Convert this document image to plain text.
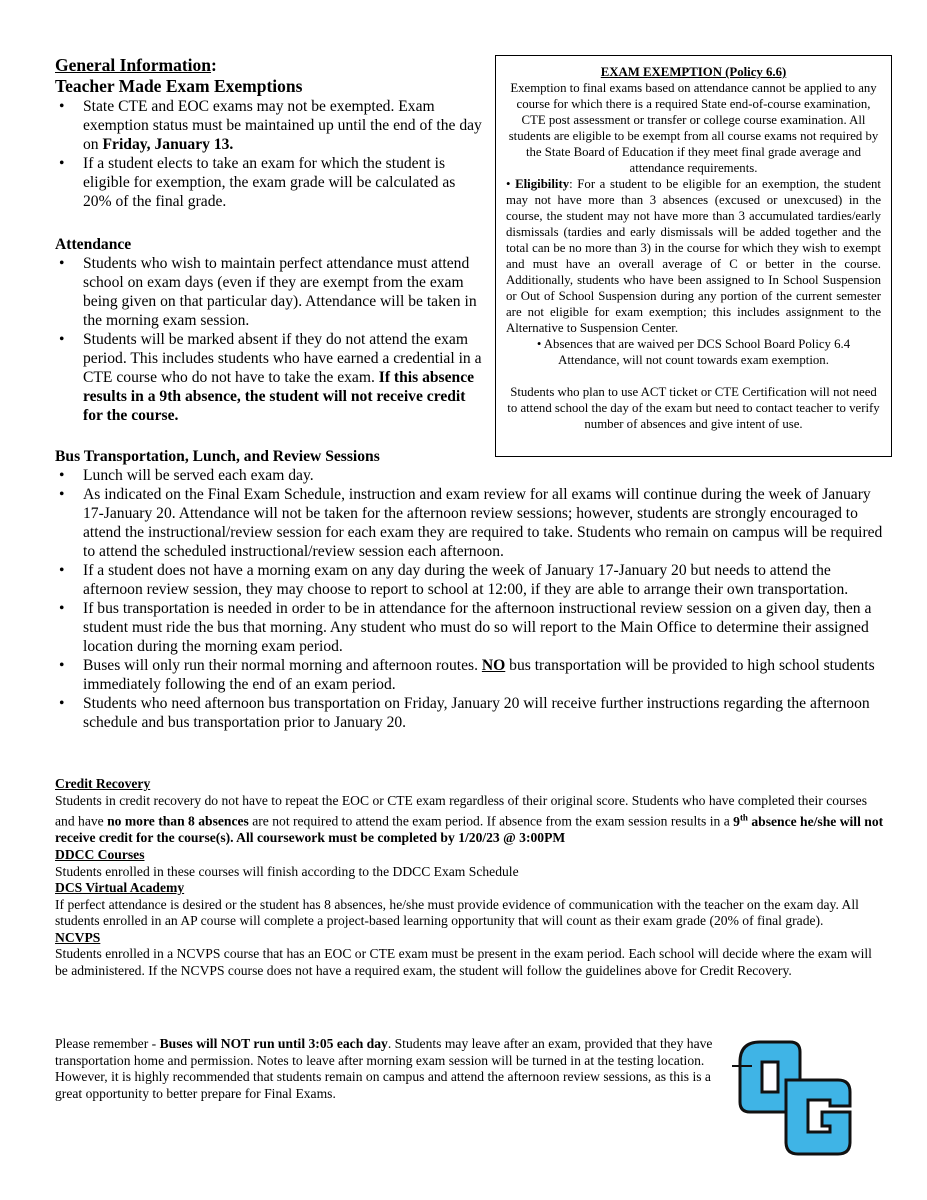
General Information:
Teacher Made Exam Exemptions
• State CTE and EOC exams may not be exempted. Exam exemption status must be maintained up until the end of the day on Friday, January 13.
• If a student elects to take an exam for which the student is eligible for exemption, the exam grade will be calculated as 20% of the final grade.
Attendance
• Students who wish to maintain perfect attendance must attend school on exam days (even if they are exempt from the exam being given on that particular day). Attendance will be taken in the morning exam session.
• Students will be marked absent if they do not attend the exam period. This includes students who have earned a credential in a CTE course who do not have to take the exam. If this absence results in a 9th absence, the student will not receive credit for the course.

EXAM EXEMPTION (Policy 6.6)

Exemption to final exams based on attendance cannot be applied to any course for which there is a required State end-of-course examination, CTE post assessment or transfer or college course examination. All students are eligible to be exempt from all course exams not required by the State Board of Education if they meet final grade average and attendance requirements.

• Eligibility: For a student to be eligible for an exemption, the student may not have more than 3 absences (excused or unexcused) in the course, the student may not have more than 3 accumulated tardies/early dismissals (tardies and early dismissals will be added together and the total can be no more than 3) in the course for which they wish to exempt and must have an overall average of C or better in the course. Additionally, students who have been assigned to In School Suspension or Out of School Suspension during any portion of the current semester are not eligible for exam exemption; this includes assignment to the Alternative to Suspension Center.

• Absences that are waived per DCS School Board Policy 6.4 Attendance, will not count towards exam exemption.

Students who plan to use ACT ticket or CTE Certification will not need to attend school the day of the exam but need to contact teacher to verify number of absences and give intent of use.

Bus Transportation, Lunch, and Review Sessions
• Lunch will be served each exam day.
• As indicated on the Final Exam Schedule, instruction and exam review for all exams will continue during the week of January 17-January 20. Attendance will not be taken for the afternoon review sessions; however, students are strongly encouraged to attend the instructional/review session for each exam they are required to take. Students who remain on campus will be required to attend the scheduled instructional/review session each afternoon.
• If a student does not have a morning exam on any day during the week of January 17-January 20 but needs to attend the afternoon review session, they may choose to report to school at 12:00, if they are able to arrange their own transportation.
• If bus transportation is needed in order to be in attendance for the afternoon instructional review session on a given day, then a student must ride the bus that morning. Any student who must do so will report to the Main Office to determine their assigned location during the morning exam period.
• Buses will only run their normal morning and afternoon routes. NO bus transportation will be provided to high school students immediately following the end of an exam period.
• Students who need afternoon bus transportation on Friday, January 20 will receive further instructions regarding the afternoon schedule and bus transportation prior to January 20.
Credit Recovery
Students in credit recovery do not have to repeat the EOC or CTE exam regardless of their original score. Students who have completed their courses and have no more than 8 absences are not required to attend the exam period. If absence from the exam session results in a 9th absence he/she will not receive credit for the course(s). All coursework must be completed by 1/20/23 @ 3:00PM
DDCC Courses
Students enrolled in these courses will finish according to the DDCC Exam Schedule
DCS Virtual Academy
If perfect attendance is desired or the student has 8 absences, he/she must provide evidence of communication with the teacher on the exam day. All students enrolled in an AP course will complete a project-based learning opportunity that will count as their exam grade (20% of final grade).
NCVPS
Students enrolled in a NCVPS course that has an EOC or CTE exam must be present in the exam period. Each school will decide where the exam will be administered. If the NCVPS course does not have a required exam, the student will follow the guidelines above for Credit Recovery.
Please remember - Buses will NOT run until 3:05 each day. Students may leave after an exam, provided that they have transportation home and permission. Notes to leave after morning exam session will be turned in at the testing location. However, it is highly recommended that students remain on campus and attend the afternoon review sessions, as this is a great opportunity to better prepare for Final Exams.
